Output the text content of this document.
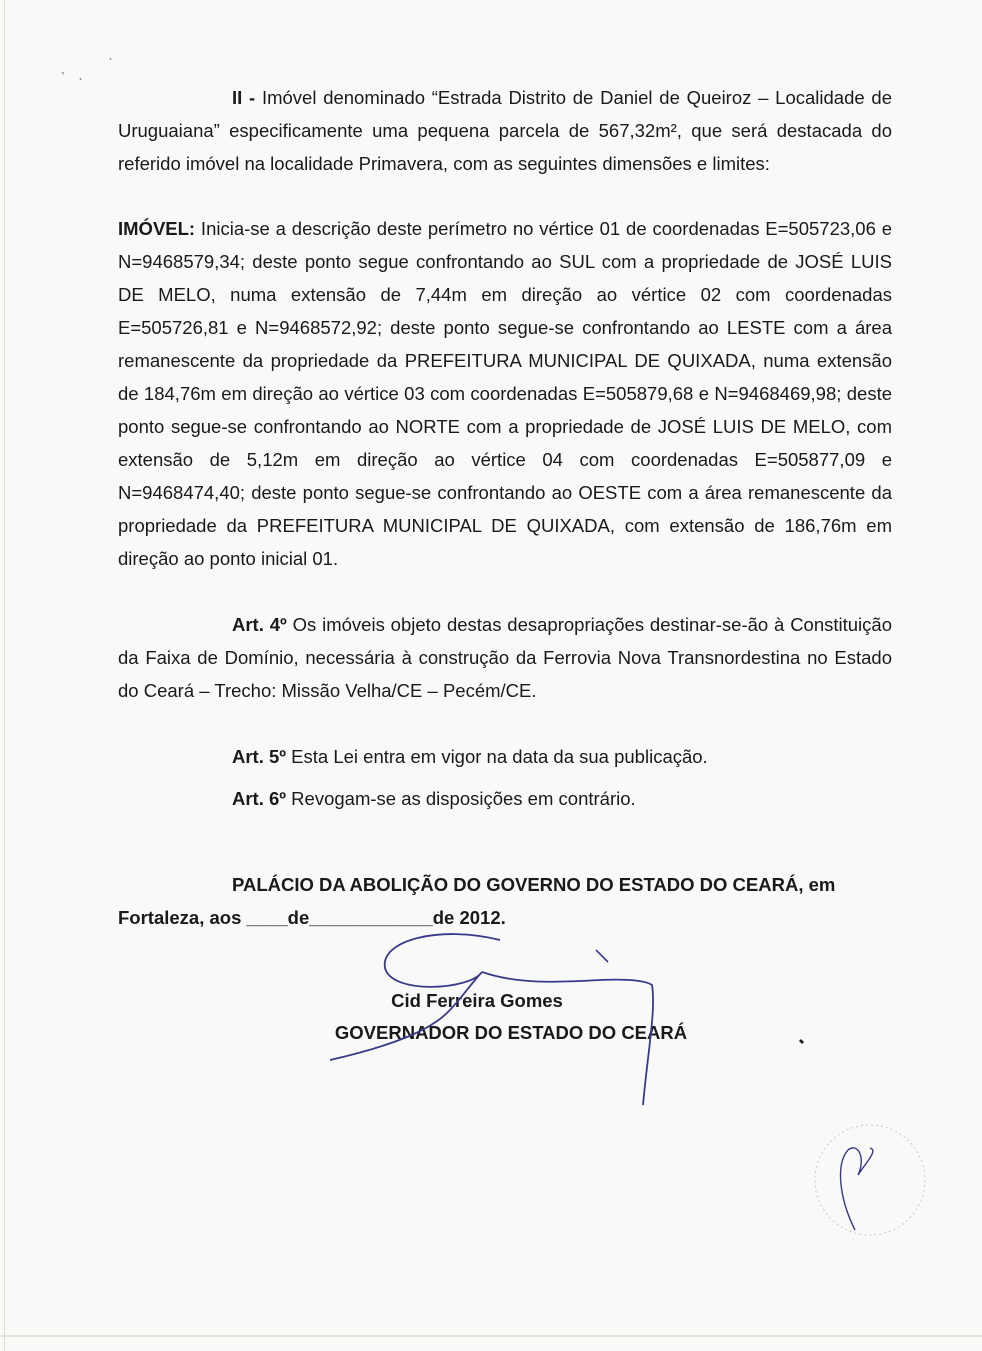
II - Imóvel denominado “Estrada Distrito de Daniel de Queiroz – Localidade de Uruguaiana” especificamente uma pequena parcela de 567,32m², que será destacada do referido imóvel na localidade Primavera, com as seguintes dimensões e limites:

IMÓVEL: Inicia-se a descrição deste perímetro no vértice 01 de coordenadas E=505723,06 e N=9468579,34; deste ponto segue confrontando ao SUL com a propriedade de JOSÉ LUIS DE MELO, numa extensão de 7,44m em direção ao vértice 02 com coordenadas E=505726,81 e N=9468572,92; deste ponto segue-se confrontando ao LESTE com a área remanescente da propriedade da PREFEITURA MUNICIPAL DE QUIXADA, numa extensão de 184,76m em direção ao vértice 03 com coordenadas E=505879,68 e N=9468469,98; deste ponto segue-se confrontando ao NORTE com a propriedade de JOSÉ LUIS DE MELO, com extensão de 5,12m em direção ao vértice 04 com coordenadas E=505877,09 e N=9468474,40; deste ponto segue-se confrontando ao OESTE com a área remanescente da propriedade da PREFEITURA MUNICIPAL DE QUIXADA, com extensão de 186,76m em direção ao ponto inicial 01.

Art. 4º Os imóveis objeto destas desapropriações destinar-se-ão à Constituição da Faixa de Domínio, necessária à construção da Ferrovia Nova Transnordestina no Estado do Ceará – Trecho: Missão Velha/CE – Pecém/CE.

Art. 5º Esta Lei entra em vigor na data da sua publicação.

Art. 6º Revogam-se as disposições em contrário.

PALÁCIO DA ABOLIÇÃO DO GOVERNO DO ESTADO DO CEARÁ, em

Fortaleza, aos ____de____________de 2012.

Cid Ferreira Gomes
GOVERNADOR DO ESTADO DO CEARÁ
